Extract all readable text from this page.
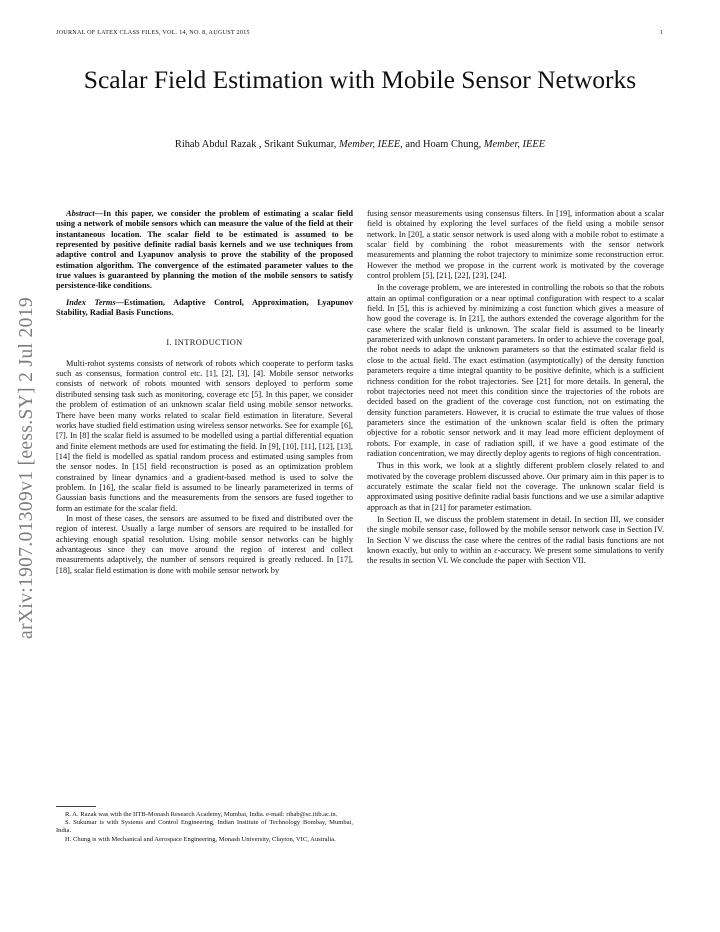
JOURNAL OF LATEX CLASS FILES, VOL. 14, NO. 8, AUGUST 2015	1
Scalar Field Estimation with Mobile Sensor Networks
Rihab Abdul Razak , Srikant Sukumar, Member, IEEE, and Hoam Chung, Member, IEEE
arXiv:1907.01309v1 [eess.SY] 2 Jul 2019

Abstract—In this paper, we consider the problem of estimating a scalar field using a network of mobile sensors which can measure the value of the field at their instantaneous location. The scalar field to be estimated is assumed to be represented by positive definite radial basis kernels and we use techniques from adaptive control and Lyapunov analysis to prove the stability of the proposed estimation algorithm. The convergence of the estimated parameter values to the true values is guaranteed by planning the motion of the mobile sensors to satisfy persistence-like conditions.

Index Terms—Estimation, Adaptive Control, Approximation, Lyapunov Stability, Radial Basis Functions.

I. INTRODUCTION

Multi-robot systems consists of network of robots which cooperate to perform tasks such as consensus, formation control etc. [1], [2], [3], [4]. Mobile sensor networks consists of network of robots mounted with sensors deployed to perform some distributed sensing task such as monitoring, coverage etc [5]. In this paper, we consider the problem of estimation of an unknown scalar field using mobile sensor networks. There have been many works related to scalar field estimation in literature. Several works have studied field estimation using wireless sensor networks. See for example [6], [7]. In [8] the scalar field is assumed to be modelled using a partial differential equation and finite element methods are used for estimating the field. In [9], [10], [11], [12], [13], [14] the field is modelled as spatial random process and estimated using samples from the sensor nodes. In [15] field reconstruction is posed as an optimization problem constrained by linear dynamics and a gradient-based method is used to solve the problem. In [16], the scalar field is assumed to be linearly parameterized in terms of Gaussian basis functions and the measurements from the sensors are fused together to form an estimate for the scalar field.

In most of these cases, the sensors are assumed to be fixed and distributed over the region of interest. Usually a large number of sensors are required to be installed for achieving enough spatial resolution. Using mobile sensor networks can be highly advantageous since they can move around the region of interest and collect measurements adaptively, the number of sensors required is greatly reduced. In [17], [18], scalar field estimation is done with mobile sensor network by

R. A. Razak was with the IITB-Monash Research Academy, Mumbai, India. e-mail: rihab@sc.iitb.ac.in.

S. Sukumar is with Systems and Control Engineering, Indian Institute of Technology Bombay, Mumbai, India.

H. Chung is with Mechanical and Aerospace Engineering, Monash University, Clayton, VIC, Australia.

fusing sensor measurements using consensus filters. In [19], information about a scalar field is obtained by exploring the level surfaces of the field using a mobile sensor network. In [20], a static sensor network is used along with a mobile robot to estimate a scalar field by combining the robot measurements with the sensor network measurements and planning the robot trajectory to minimize some reconstruction error. However the method we propose in the current work is motivated by the coverage control problem [5], [21], [22], [23], [24].

In the coverage problem, we are interested in controlling the robots so that the robots attain an optimal configuration or a near optimal configuration with respect to a scalar field. In [5], this is achieved by minimizing a cost function which gives a measure of how good the coverage is. In [21], the authors extended the coverage algorithm for the case where the scalar field is unknown. The scalar field is assumed to be linearly parameterized with unknown constant parameters. In order to achieve the coverage goal, the robot needs to adapt the unknown parameters so that the estimated scalar field is close to the actual field. The exact estimation (asymptotically) of the density function parameters require a time integral quantity to be positive definite, which is a sufficient richness condition for the robot trajectories. See [21] for more details. In general, the robot trajectories need not meet this condition since the trajectories of the robots are decided based on the gradient of the coverage cost function, not on estimating the density function parameters. However, it is crucial to estimate the true values of those parameters since the estimation of the unknown scalar field is often the primary objective for a robotic sensor network and it may lead more efficient deployment of robots. For example, in case of radiation spill, if we have a good estimate of the radiation concentration, we may directly deploy agents to regions of high concentration.

Thus in this work, we look at a slightly different problem closely related to and motivated by the coverage problem discussed above. Our primary aim in this paper is to accurately estimate the scalar field not the coverage. The unknown scalar field is approximated using positive definite radial basis functions and we use a similar adaptive approach as that in [21] for parameter estimation.

In Section II, we discuss the problem statement in detail. In section III, we consider the single mobile sensor case, followed by the mobile sensor network case in Section IV. In Section V we discuss the case where the centres of the radial basis functions are not known exactly, but only to within an ε-accuracy. We present some simulations to verify the results in section VI. We conclude the paper with Section VII.
